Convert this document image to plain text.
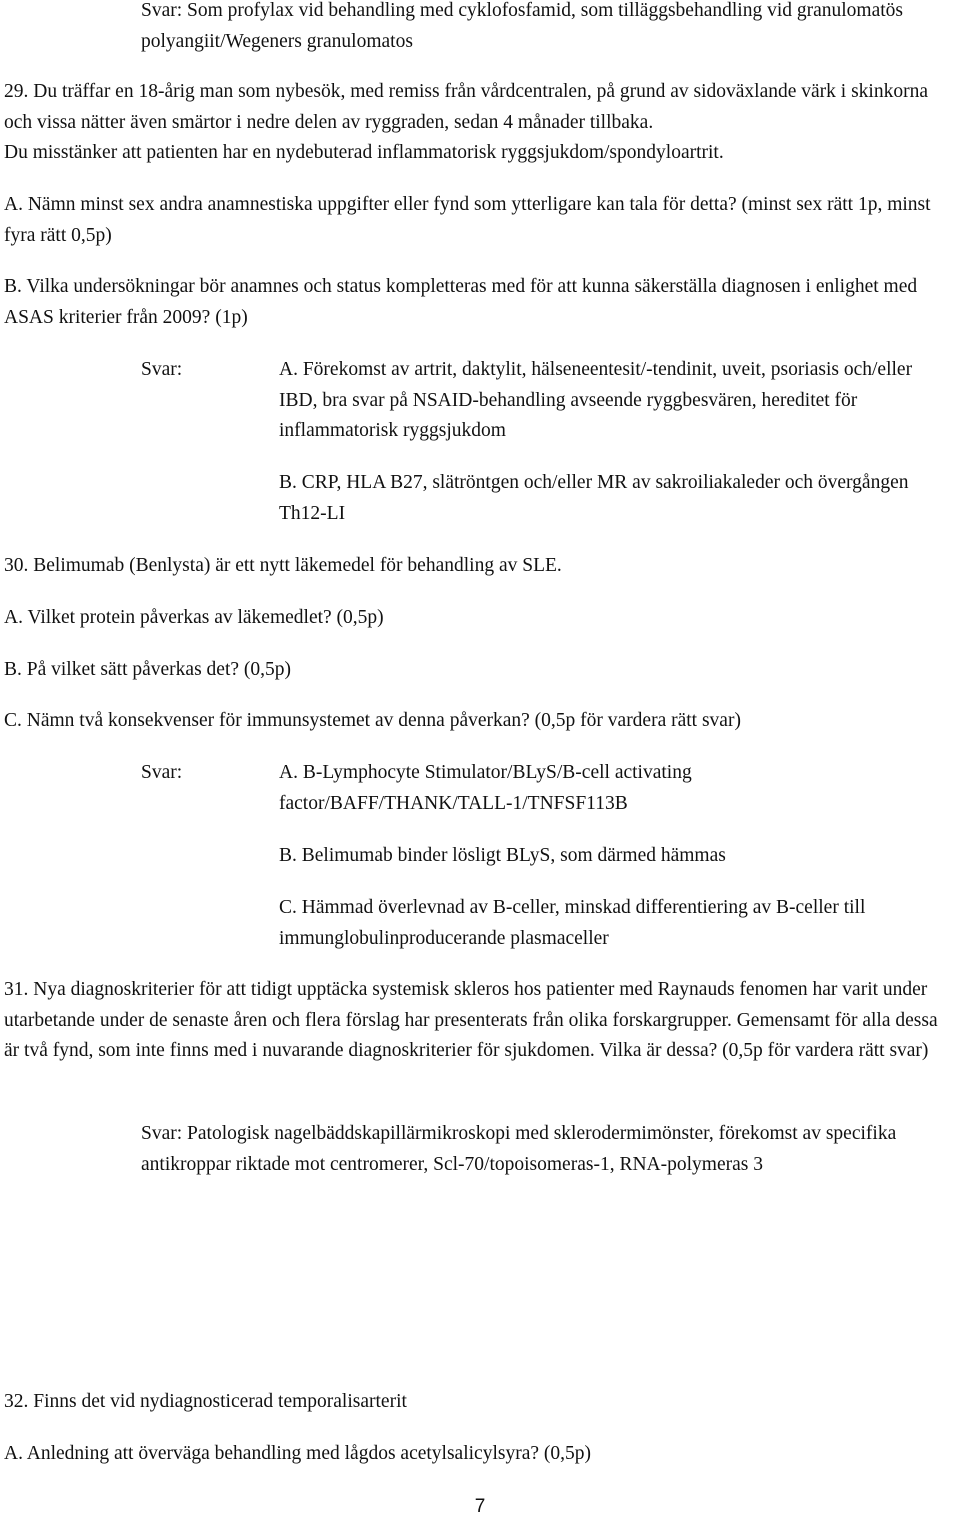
Svar: Som profylax vid behandling med cyklofosfamid, som tilläggsbehandling vid granulomatös polyangiit/Wegeners granulomatos

29. Du träffar en 18-årig man som nybesök, med remiss från vårdcentralen, på grund av sidoväxlande värk i skinkorna och vissa nätter även smärtor i nedre delen av ryggraden, sedan 4 månader tillbaka.

Du misstänker att patienten har en nydebuterad inflammatorisk ryggsjukdom/spondyloartrit.

A. Nämn minst sex andra anamnestiska uppgifter eller fynd som ytterligare kan tala för detta? (minst sex rätt 1p, minst fyra rätt 0,5p)

B. Vilka undersökningar bör anamnes och status kompletteras med för att kunna säkerställa diagnosen i enlighet med ASAS kriterier från 2009? (1p)

Svar:	A. Förekomst av artrit, daktylit, hälseneentesit/-tendinit, uveit, psoriasis och/eller IBD, bra svar på NSAID-behandling avseende ryggbesvären, hereditet för inflammatorisk ryggsjukdom

B. CRP, HLA B27, slätröntgen och/eller MR av sakroiliakaleder och övergången Th12-LI

30. Belimumab (Benlysta) är ett nytt läkemedel för behandling av SLE.

A. Vilket protein påverkas av läkemedlet? (0,5p)

B. På vilket sätt påverkas det? (0,5p)

C. Nämn två konsekvenser för immunsystemet av denna påverkan? (0,5p för vardera rätt svar)

Svar:	A. B-Lymphocyte Stimulator/BLyS/B-cell activating factor/BAFF/THANK/TALL-1/TNFSF113B

B. Belimumab binder lösligt BLyS, som därmed hämmas

C. Hämmad överlevnad av B-celler, minskad differentiering av B-celler till immunglobulinproducerande plasmaceller

31. Nya diagnoskriterier för att tidigt upptäcka systemisk skleros hos patienter med Raynauds fenomen har varit under utarbetande under de senaste åren och flera förslag har presenterats från olika forskargrupper. Gemensamt för alla dessa är två fynd, som inte finns med i nuvarande diagnoskriterier för sjukdomen. Vilka är dessa? (0,5p för vardera rätt svar)

Svar: Patologisk nagelbäddskapillärmikroskopi med sklerodermimönster, förekomst av specifika antikroppar riktade mot centromerer, Scl-70/topoisomeras-1, RNA-polymeras 3

32. Finns det vid nydiagnosticerad temporalisarterit

A. Anledning att överväga behandling med lågdos acetylsalicylsyra? (0,5p)

7
